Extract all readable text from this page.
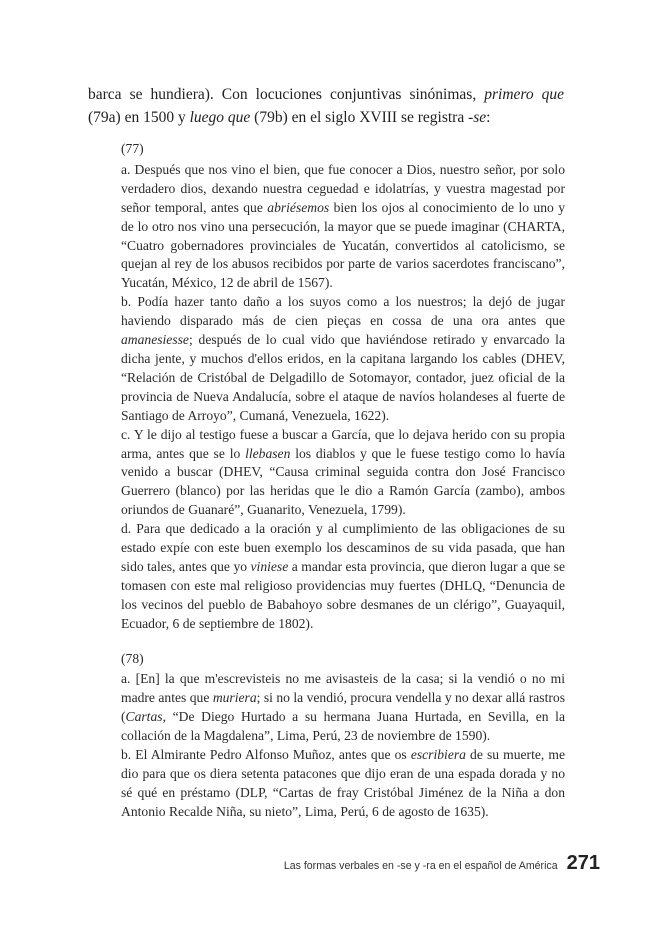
barca se hundiera). Con locuciones conjuntivas sinónimas, primero que (79a) en 1500 y luego que (79b) en el siglo XVIII se registra -se:

(77)

a. Después que nos vino el bien, que fue conocer a Dios, nuestro señor, por solo verdadero dios, dexando nuestra ceguedad e idolatrías, y vuestra magestad por señor temporal, antes que abriésemos bien los ojos al conocimiento de lo uno y de lo otro nos vino una persecución, la mayor que se puede imaginar (CHARTA, “Cuatro gobernadores provinciales de Yucatán, convertidos al catolicismo, se quejan al rey de los abusos recibidos por parte de varios sacerdotes franciscano”, Yucatán, México, 12 de abril de 1567).

b. Podía hazer tanto daño a los suyos como a los nuestros; la dejó de jugar haviendo disparado más de cien pieças en cossa de una ora antes que amanesiesse; después de lo cual vido que haviéndose retirado y envarcado la dicha jente, y muchos d'ellos eridos, en la capitana largando los cables (DHEV, “Relación de Cristóbal de Delgadillo de Sotomayor, contador, juez oficial de la provincia de Nueva Andalucía, sobre el ataque de navíos holandeses al fuerte de Santiago de Arroyo”, Cumaná, Venezuela, 1622).

c. Y le dijo al testigo fuese a buscar a García, que lo dejava herido con su propia arma, antes que se lo llebasen los diablos y que le fuese testigo como lo havía venido a buscar (DHEV, “Causa criminal seguida contra don José Francisco Guerrero (blanco) por las heridas que le dio a Ramón García (zambo), ambos oriundos de Guanaré”, Guanarito, Venezuela, 1799).

d. Para que dedicado a la oración y al cumplimiento de las obligaciones de su estado expíe con este buen exemplo los descaminos de su vida pasada, que han sido tales, antes que yo viniese a mandar esta provincia, que dieron lugar a que se tomasen con este mal religioso providencias muy fuertes (DHLQ, “Denuncia de los vecinos del pueblo de Babahoyo sobre desmanes de un clérigo”, Guayaquil, Ecuador, 6 de septiembre de 1802).

(78)

a. [En] la que m'escrevisteis no me avisasteis de la casa; si la vendió o no mi madre antes que muriera; si no la vendió, procura vendella y no dexar allá rastros (Cartas, “De Diego Hurtado a su hermana Juana Hurtada, en Sevilla, en la collación de la Magdalena”, Lima, Perú, 23 de noviembre de 1590).

b. El Almirante Pedro Alfonso Muñoz, antes que os escribiera de su muerte, me dio para que os diera setenta patacones que dijo eran de una espada dorada y no sé qué en préstamo (DLP, “Cartas de fray Cristóbal Jiménez de la Niña a don Antonio Recalde Niña, su nieto”, Lima, Perú, 6 de agosto de 1635).

Las formas verbales en -se y -ra en el español de América 271
